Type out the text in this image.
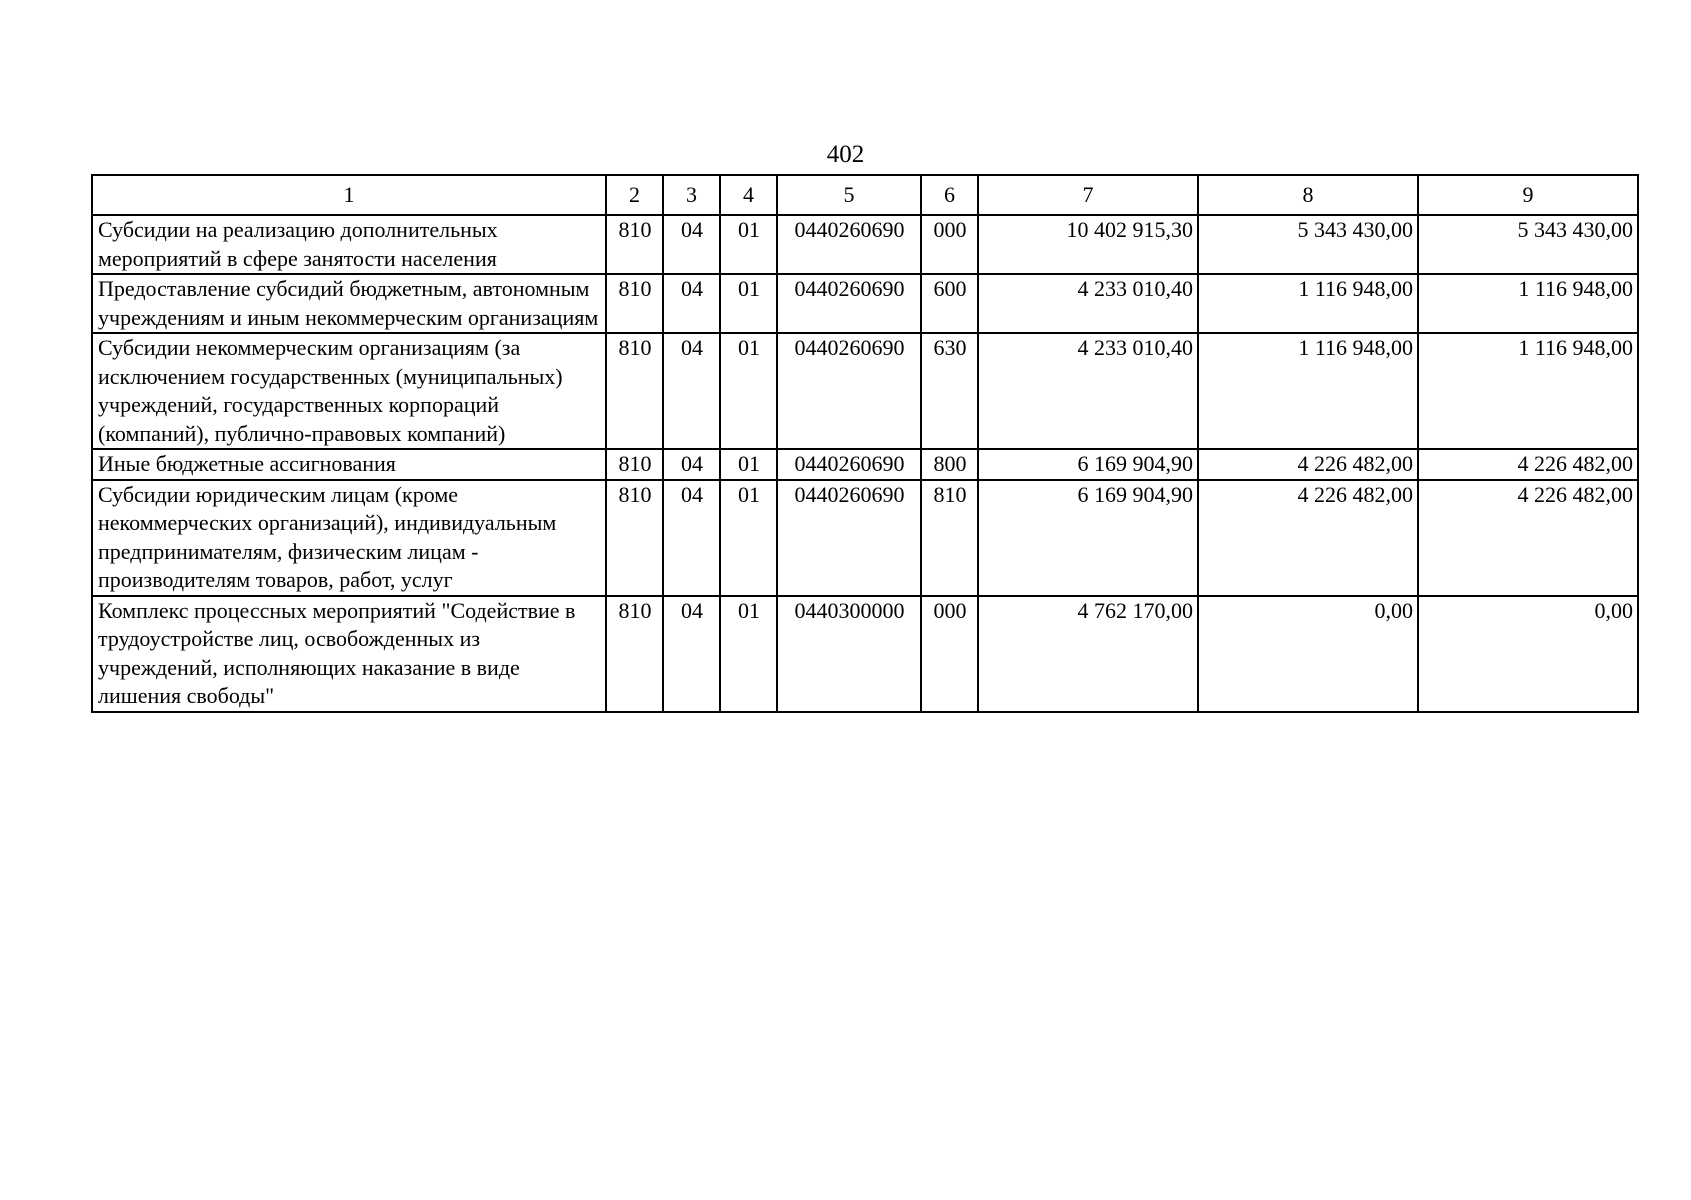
402
1	2	3	4	5	6	7	8	9
Субсидии на реализацию дополнительных мероприятий в сфере занятости населения	810	04	01	0440260690	000	10 402 915,30	5 343 430,00	5 343 430,00
Предоставление субсидий бюджетным, автономным учреждениям и иным некоммерческим организациям	810	04	01	0440260690	600	4 233 010,40	1 116 948,00	1 116 948,00
Субсидии некоммерческим организациям (за исключением государственных (муниципальных) учреждений, государственных корпораций (компаний), публично-правовых компаний)	810	04	01	0440260690	630	4 233 010,40	1 116 948,00	1 116 948,00
Иные бюджетные ассигнования	810	04	01	0440260690	800	6 169 904,90	4 226 482,00	4 226 482,00
Субсидии юридическим лицам (кроме некоммерческих организаций), индивидуальным предпринимателям, физическим лицам - производителям товаров, работ, услуг	810	04	01	0440260690	810	6 169 904,90	4 226 482,00	4 226 482,00
Комплекс процессных мероприятий "Содействие в трудоустройстве лиц, освобожденных из учреждений, исполняющих наказание в виде лишения свободы"	810	04	01	0440300000	000	4 762 170,00	0,00	0,00
